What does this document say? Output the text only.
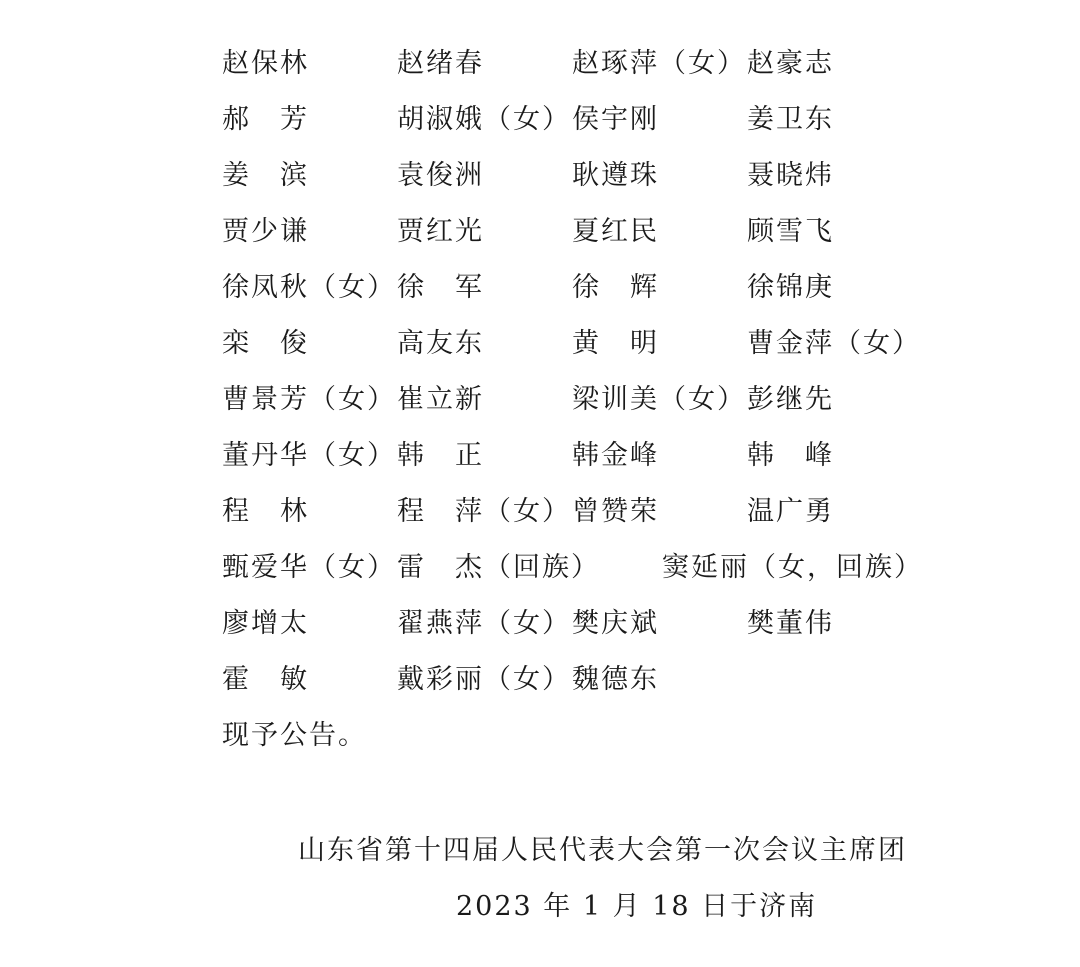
赵保林	赵绪春	赵琢萍（女） 赵豪志
郝　芳	胡淑娥（女） 侯宇刚	姜卫东
姜　滨	袁俊洲	耿遵珠	聂晓炜
贾少谦	贾红光	夏红民	顾雪飞
徐凤秋（女） 徐　军	徐　辉	徐锦庚
栾　俊	高友东	黄　明	曹金萍（女）
曹景芳（女） 崔立新	梁训美（女） 彭继先
董丹华（女） 韩　正	韩金峰	韩　峰
程　林	程　萍（女） 曾赞荣	温广勇
甄爱华（女） 雷　杰（回族） 窦延丽（女，回族）
廖增太	翟燕萍（女） 樊庆斌	樊董伟
霍　敏	戴彩丽（女） 魏德东
现予公告。
山东省第十四届人民代表大会第一次会议主席团
2023 年 1 月 18 日于济南
